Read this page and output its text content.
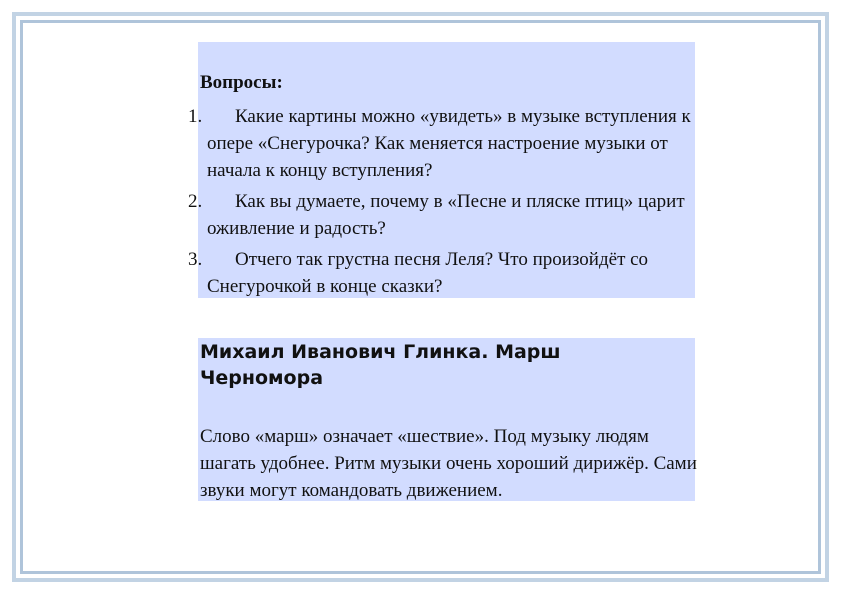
Вопросы:
1.	Какие картины можно «увидеть» в музыке вступления к опере «Снегурочка? Как меняется настроение музыки от начала к концу вступления?
2.	Как вы думаете, почему в «Песне и пляске птиц» царит оживление и радость?
3.	Отчего так грустна песня Леля? Что произойдёт со Снегурочкой в конце сказки?
Михаил Иванович Глинка. Марш Черномора

Слово «марш» означает «шествие». Под музыку людям шагать удобнее. Ритм музыки очень хороший дирижёр. Сами звуки могут командовать движением.
